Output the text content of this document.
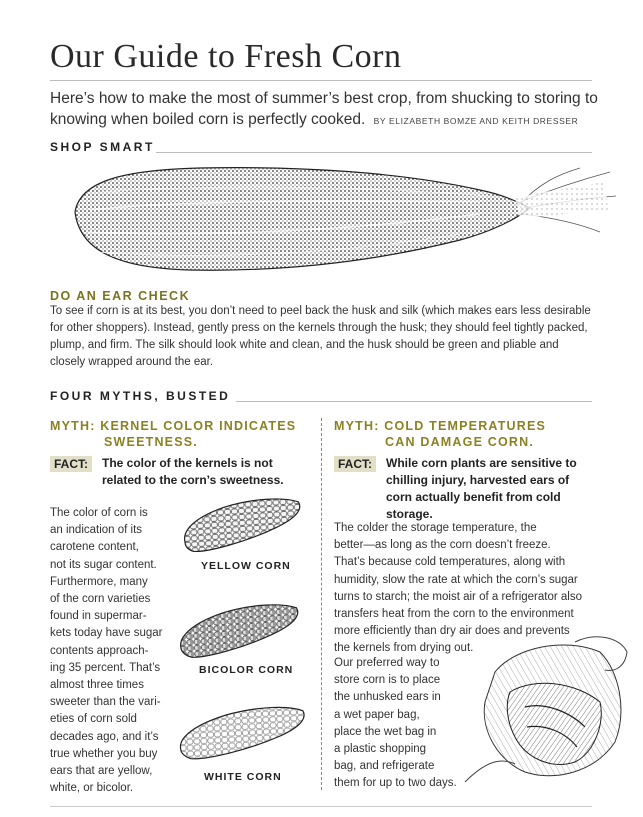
Our Guide to Fresh Corn
Here’s how to make the most of summer’s best crop, from shucking to storing to knowing when boiled corn is perfectly cooked. BY ELIZABETH BOMZE AND KEITH DRESSER
SHOP SMART
DO AN EAR CHECK
To see if corn is at its best, you don’t need to peel back the husk and silk (which makes ears less desirable for other shoppers). Instead, gently press on the kernels through the husk; they should feel tightly packed, plump, and firm. The silk should look white and clean, and the husk should be green and pliable and closely wrapped around the ear.
FOUR MYTHS, BUSTED
MYTH: KERNEL COLOR INDICATES
SWEETNESS.
FACT: The color of the kernels is not related to the corn’s sweetness.
The color of corn is
an indication of its
carotene content,
not its sugar content.
Furthermore, many
of the corn varieties
found in supermar-
kets today have sugar
contents approach-
ing 35 percent. That’s
almost three times
sweeter than the vari-
eties of corn sold
decades ago, and it’s
true whether you buy
ears that are yellow,
white, or bicolor.
YELLOW CORN
BICOLOR CORN
WHITE CORN
MYTH: COLD TEMPERATURES
CAN DAMAGE CORN.
FACT: While corn plants are sensitive to chilling injury, harvested ears of corn actually benefit from cold storage.
The colder the storage temperature, the
better—as long as the corn doesn’t freeze.
That’s because cold temperatures, along with
humidity, slow the rate at which the corn’s sugar
turns to starch; the moist air of a refrigerator also
transfers heat from the corn to the environment
more efficiently than dry air does and prevents
the kernels from drying out.
Our preferred way to
store corn is to place
the unhusked ears in
a wet paper bag,
place the wet bag in
a plastic shopping
bag, and refrigerate
them for up to two days.
